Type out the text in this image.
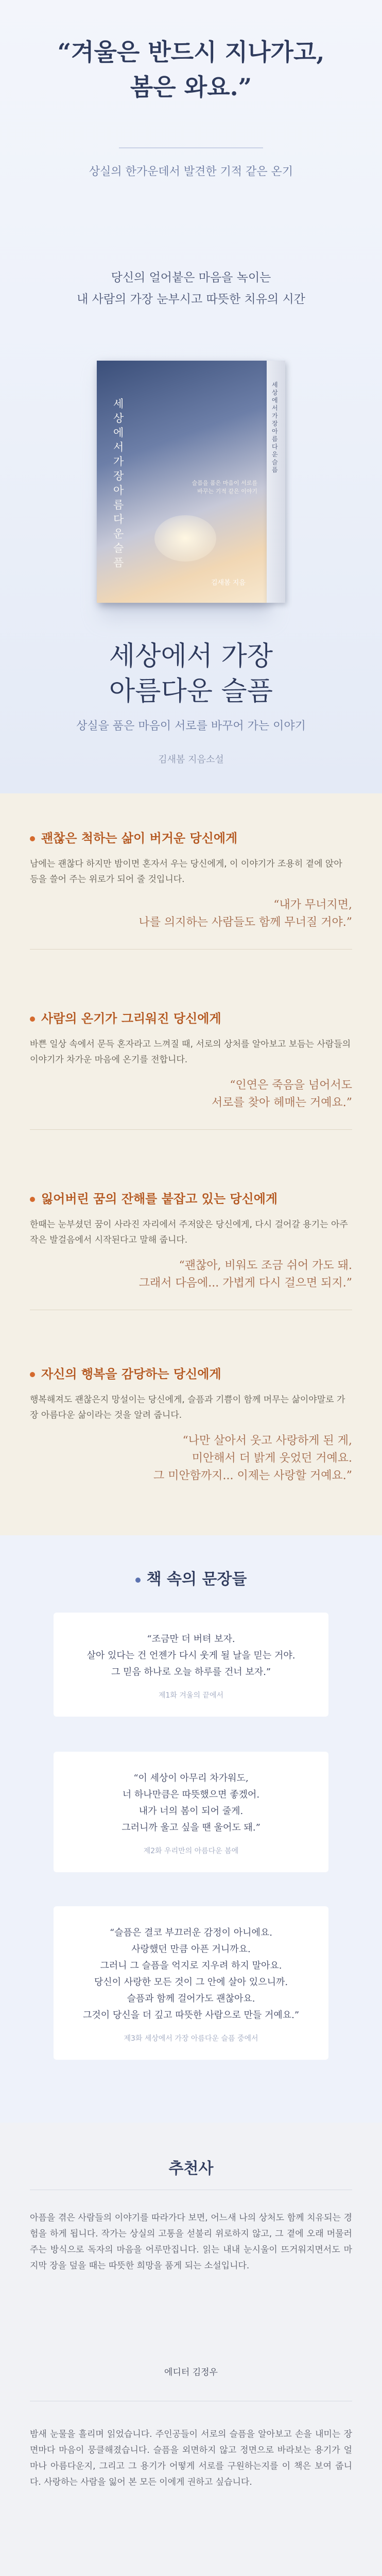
“겨울은 반드시 지나가고,
봄은 와요.”
상실의 한가운데서 발견한 기적 같은 온기
당신의 얼어붙은 마음을 녹이는
내 사람의 가장 눈부시고 따뜻한 치유의 시간
세상에서 가장 아름다운 슬픔
슬픔을 품은 마음이 서로를 바꾸는 기적 같은 이야기
김새봄 지음
세상에서 가장 아름다운 슬픔
세상에서 가장
아름다운 슬픔
상실을 품은 마음이 서로를 바꾸어 가는 이야기
김새봄 지음소설
괜찮은 척하는 삶이 버거운 당신에게
남에는 괜찮다 하지만 밤이면 혼자서 우는 당신에게, 이 이야기가 조용히 곁에 앉아 등을 쓸어 주는 위로가 되어 줄 것입니다.
“내가 무너지면,
나를 의지하는 사람들도 함께 무너질 거야.”
사람의 온기가 그리워진 당신에게
바쁜 일상 속에서 문득 혼자라고 느껴질 때, 서로의 상처를 알아보고 보듬는 사람들의 이야기가 차가운 마음에 온기를 전합니다.
“인연은 죽음을 넘어서도
서로를 찾아 헤매는 거예요.”
잃어버린 꿈의 잔해를 붙잡고 있는 당신에게
한때는 눈부셨던 꿈이 사라진 자리에서 주저앉은 당신에게, 다시 걸어갈 용기는 아주 작은 발걸음에서 시작된다고 말해 줍니다.
“괜찮아, 비워도 조금 쉬어 가도 돼.
그래서 다음에... 가볍게 다시 걸으면 되지.”
자신의 행복을 감당하는 당신에게
행복해져도 괜찮은지 망설이는 당신에게, 슬픔과 기쁨이 함께 머무는 삶이야말로 가장 아름다운 삶이라는 것을 알려 줍니다.
“나만 살아서 웃고 사랑하게 된 게,
미안해서 더 밝게 웃었던 거예요.
그 미안함까지... 이제는 사랑할 거예요.”
책 속의 문장들
“조금만 더 버텨 보자.
살아 있다는 건 언젠가 다시 웃게 될 날을 믿는 거야.
그 믿음 하나로 오늘 하루를 건너 보자.”
제1화 겨울의 끝에서
“이 세상이 아무리 차가워도,
너 하나만큼은 따뜻했으면 좋겠어.
내가 너의 봄이 되어 줄게.
그러니까 울고 싶을 땐 울어도 돼.”
제2화 우리만의 아름다운 봄에
“슬픔은 결코 부끄러운 감정이 아니에요.
사랑했던 만큼 아픈 거니까요.
그러니 그 슬픔을 억지로 지우려 하지 말아요.
당신이 사랑한 모든 것이 그 안에 살아 있으니까.
슬픔과 함께 걸어가도 괜찮아요.
그것이 당신을 더 깊고 따뜻한 사람으로 만들 거예요.”
제3화 세상에서 가장 아름다운 슬픔 중에서
추천사
아픔을 겪은 사람들의 이야기를 따라가다 보면, 어느새 나의 상처도 함께 치유되는 경험을 하게 됩니다. 작가는 상실의 고통을 섣불리 위로하지 않고, 그 곁에 오래 머물러 주는 방식으로 독자의 마음을 어루만집니다. 읽는 내내 눈시울이 뜨거워지면서도 마지막 장을 덮을 때는 따뜻한 희망을 품게 되는 소설입니다.
에디터 김정우
밤새 눈물을 흘리며 읽었습니다. 주인공들이 서로의 슬픔을 알아보고 손을 내미는 장면마다 마음이 뭉클해졌습니다. 슬픔을 외면하지 않고 정면으로 바라보는 용기가 얼마나 아름다운지, 그리고 그 용기가 어떻게 서로를 구원하는지를 이 책은 보여 줍니다. 사랑하는 사람을 잃어 본 모든 이에게 권하고 싶습니다.
